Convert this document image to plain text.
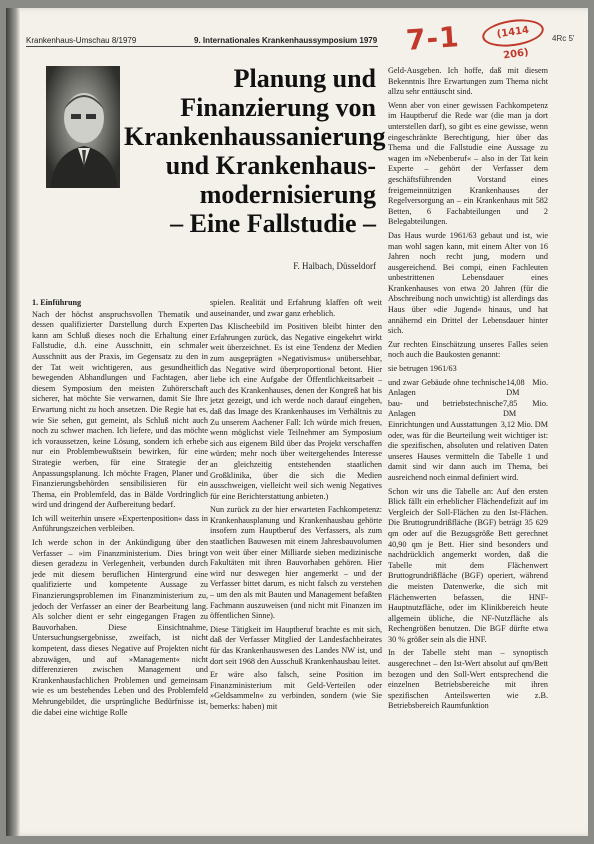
Krankenhaus-Umschau 8/1979	9. Internationales Krankenhaussymposium 1979 7-1	(1414 206)
4Rc 5'
Planung und
Finanzierung von
Krankenhaussanierung
und Krankenhaus-
modernisierung
– Eine Fallstudie –
F. Halbach, Düsseldorf

1. Einführung

Nach der höchst anspruchsvollen Thematik und dessen qualifizierter Darstellung durch Experten kann am Schluß dieses noch die Erhaltung einer Fallstudie, d.h. eine Ausschnitt, ein schmaler Ausschnitt aus der Praxis, im Gegensatz zu den in der Tat weit wichtigeren, aus gesundheitlich bewegenden Abhandlungen und Fachtagen, aber diesem Symposium den meisten Zuhörerschaft sicherer, hat möchte Sie verwarnen, damit Sie Ihre Erwartung nicht zu hoch ansetzen. Die Regie hat es, wie Sie sehen, gut gemeint, als Schluß nicht auch noch zu schwer machen. Ich liefere, und das möchte ich voraussetzen, keine Lösung, sondern ich erhebe nur ein Problembewußtsein bewirken, für eine Strategie werben, für eine Strategie der Anpassungsplanung. Ich möchte Fragen, Planer und Finanzierungsbehörden sensibilisieren für ein Thema, ein Problemfeld, das in Bälde Vordringlich wird und dringend der Aufbereitung bedarf.

Ich will weiterhin unsere »Expertenposition« dass in Anführungszeichen verbleiben.

Ich werde schon in der Ankündigung über den Verfasser – »im Finanzministerium. Dies bringt diesen geradezu in Verlegenheit, verbunden durch jede mit diesem beruflichen Hintergrund eine qualifizierte und kompetente Aussage zu Finanzierungsproblemen im Finanzministerium zu, jedoch der Verfasser an einer der Bearbeitung lang. Als solcher dient er sehr eingegangen Fragen zu Bauvorhaben. Diese Einsichtnahme, Untersuchungsergebnisse, zweifach, ist nicht kompetent, dass dieses Negative auf Projekten nicht abzuwägen, und auf »Management« nicht differenzieren zwischen Management und Krankenhausfachlichen Problemen und gemeinsam wie es um bestehendes Leben und des Problemfeld Mehrungebildet, die ursprüngliche Bedürfnisse ist, die dabei eine wichtige Rolle

spielen. Realität und Erfahrung klaffen oft weit auseinander, und zwar ganz erheblich.

Das Klischeebild im Positiven bleibt hinter den Erfahrungen zurück, das Negative eingekehrt wirkt weit überzeichnet. Es ist eine Tendenz der Medien zum ausgeprägten »Negativismus« unübersehbar, das Negative wird überproportional betont. Hier liebe ich eine Aufgabe der Öffentlichkeitsarbeit – auch des Krankenhauses, denen der Kongreß hat bis jetzt gezeigt, und ich werde noch darauf eingehen, daß das Image des Krankenhauses im Verhältnis zu Zu unserem Aachener Fall: Ich würde mich freuen, wenn möglichst viele Teilnehmer am Symposium sich aus eigenem Bild über das Projekt verschaffen würden; mehr noch über weitergehendes Interesse an gleichzeitig entstehenden staatlichen Großklinika, über die sich die Medien ausschweigen, vielleicht weil sich wenig Negatives für eine Berichterstattung anbieten.)

Nun zurück zu der hier erwarteten Fachkompetenz: Krankenhausplanung und Krankenhausbau gehörte insofern zum Hauptberuf des Verfassers, als zum staatlichen Bauwesen mit einem Jahresbauvolumen von weit über einer Milliarde sieben medizinische Fakultäten mit ihren Bauvorhaben gehören. Hier wird nur deswegen hier angemerkt – und der Verfasser bittet darum, es nicht falsch zu verstehen – um den als mit Bauten und Management befaßten Fachmann auszuweisen (und nicht mit Finanzen im öffentlichen Sinne).

Diese Tätigkeit im Hauptberuf brachte es mit sich, daß der Verfasser Mitglied der Landesfachbeirates für das Krankenhauswesen des Landes NW ist, und dort seit 1968 den Ausschuß Krankenhausbau leitet.

Er wäre also falsch, seine Position im Finanzministerium mit Geld-Verteilen oder »Geldsammeln« zu verbinden, sondern (wie Sie bemerks: haben) mit

Geld-Ausgeben. Ich hoffe, daß mit diesem Bekenntnis Ihre Erwartungen zum Thema nicht allzu sehr enttäuscht sind.

Wenn aber von einer gewissen Fachkompetenz im Hauptberuf die Rede war (die man ja dort unterstellen darf), so gibt es eine gewisse, wenn eingeschränkte Berechtigung, hier über das Thema und die Fallstudie eine Aussage zu wagen im »Nebenberuf« – also in der Tat kein Experte – gehört der Verfasser dem geschäftsführenden Vorstand eines freigemeinnützigen Krankenhauses der Regelversorgung an – ein Krankenhaus mit 582 Betten, 6 Fachabteilungen und 2 Belegabteilungen.

Das Haus wurde 1961/63 gebaut und ist, wie man wohl sagen kann, mit einem Alter von 16 Jahren noch recht jung, modern und ausgereichend. Bei compi, einen Fachleuten unbestrittenen Lebensdauer eines Krankenhauses von etwa 20 Jahren (für die Abschreibung noch unwichtig) ist allerdings das Haus über »die Jugend« hinaus, und hat annähernd ein Drittel der Lebensdauer hinter sich.

Zur rechten Einschätzung unseres Falles seien noch auch die Baukosten genannt:

sie betrugen 1961/63

und zwar Gebäude ohne technische Anlagen
14,08 Mio. DM
bau- und betriebstechnische Anlagen
7,85 Mio. DM
Einrichtungen und Ausstattungen 3,12 Mio. DM

oder, was für die Beurteilung weit wichtiger ist: die spezifischen, absoluten und relativen Daten unseres Hauses vermitteln die Tabelle 1 und damit sind wir dann auch im Thema, bei ausreichend noch einmal definiert wird.

Schon wir uns die Tabelle an: Auf den ersten Blick fällt ein erheblicher Flächendefizit auf im Vergleich der Soll-Flächen zu den Ist-Flächen. Die Bruttogrundrißfläche (BGF) beträgt 35 629 qm oder auf die Bezugsgröße Bett gerechnet 40,90 qm je Bett. Hier sind besonders und nachdrücklich angemerkt worden, daß die Tabelle mit dem Flächenwert Bruttogrundrißfläche (BGF) operiert, während die meisten Datenwerke, die sich mit Flächenwerten befassen, die HNF-Hauptnutzfläche, oder im Klinikbereich heute allgemein übliche, die NF-Nutzfläche als Rechengrößen benutzen. Die BGF dürfte etwa 30 % größer sein als die HNF.

In der Tabelle steht man – synoptisch ausgerechnet – den Ist-Wert absolut auf qm/Bett bezogen und den Soll-Wert entsprechend die einzelnen Betriebsbereiche mit ihren spezifischen Anteilswerten wie z.B. Betriebsbereich Raumfunktion
